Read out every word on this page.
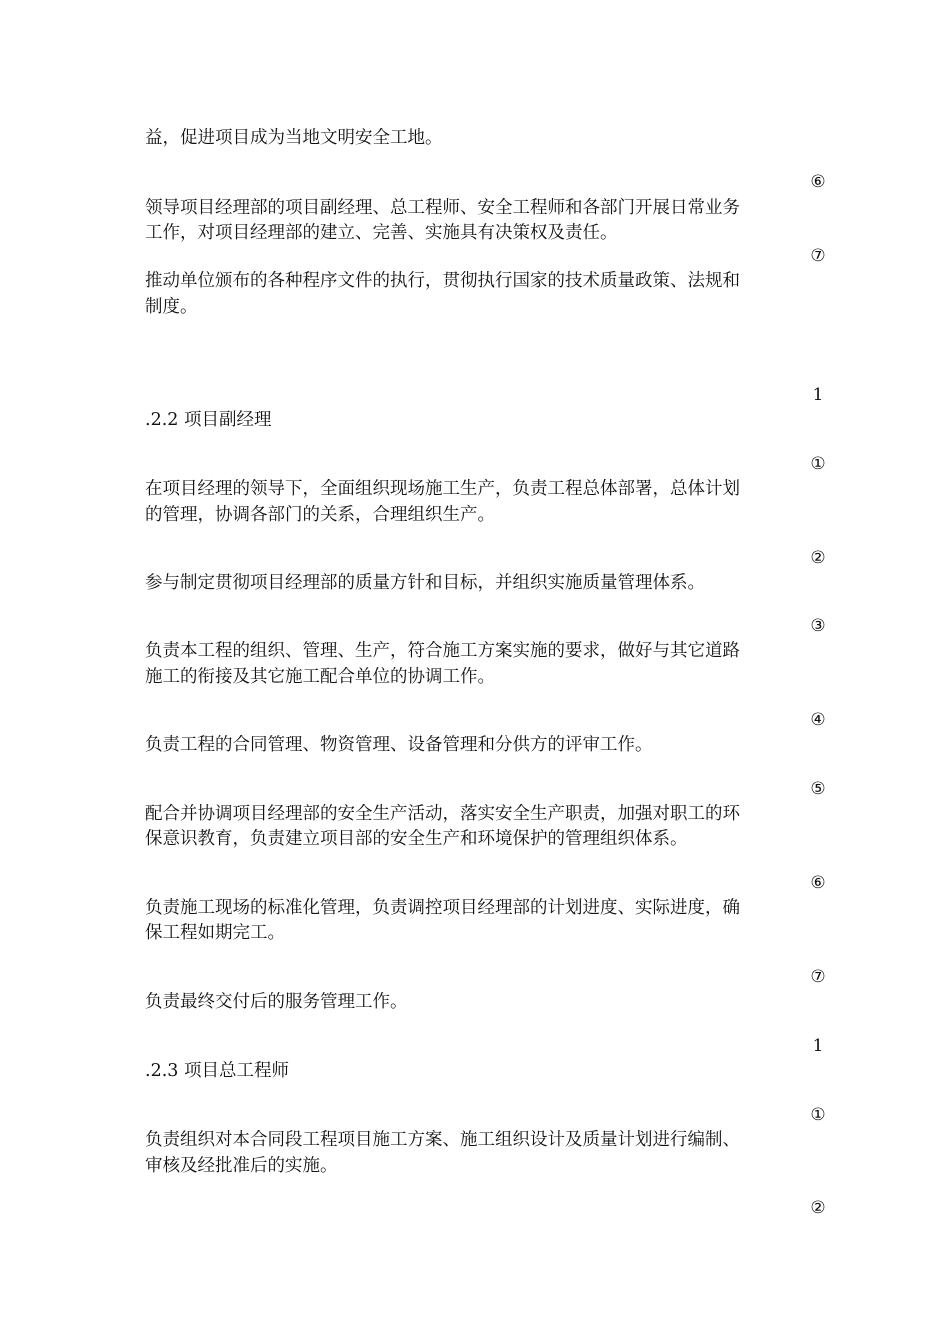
益，促进项目成为当地文明安全工地。
⑥
领导项目经理部的项目副经理、总工程师、安全工程师和各部门开展日常业务
工作，对项目经理部的建立、完善、实施具有决策权及责任。
⑦
推动单位颁布的各种程序文件的执行，贯彻执行国家的技术质量政策、法规和
制度。
1
.2.2 项目副经理
①
在项目经理的领导下，全面组织现场施工生产，负责工程总体部署，总体计划
的管理，协调各部门的关系，合理组织生产。
②
参与制定贯彻项目经理部的质量方针和目标，并组织实施质量管理体系。
③
负责本工程的组织、管理、生产，符合施工方案实施的要求，做好与其它道路
施工的衔接及其它施工配合单位的协调工作。
④
负责工程的合同管理、物资管理、设备管理和分供方的评审工作。
⑤
配合并协调项目经理部的安全生产活动，落实安全生产职责，加强对职工的环
保意识教育，负责建立项目部的安全生产和环境保护的管理组织体系。
⑥
负责施工现场的标准化管理，负责调控项目经理部的计划进度、实际进度，确
保工程如期完工。
⑦
负责最终交付后的服务管理工作。
1
.2.3 项目总工程师
①
负责组织对本合同段工程项目施工方案、施工组织设计及质量计划进行编制、
审核及经批准后的实施。
②
